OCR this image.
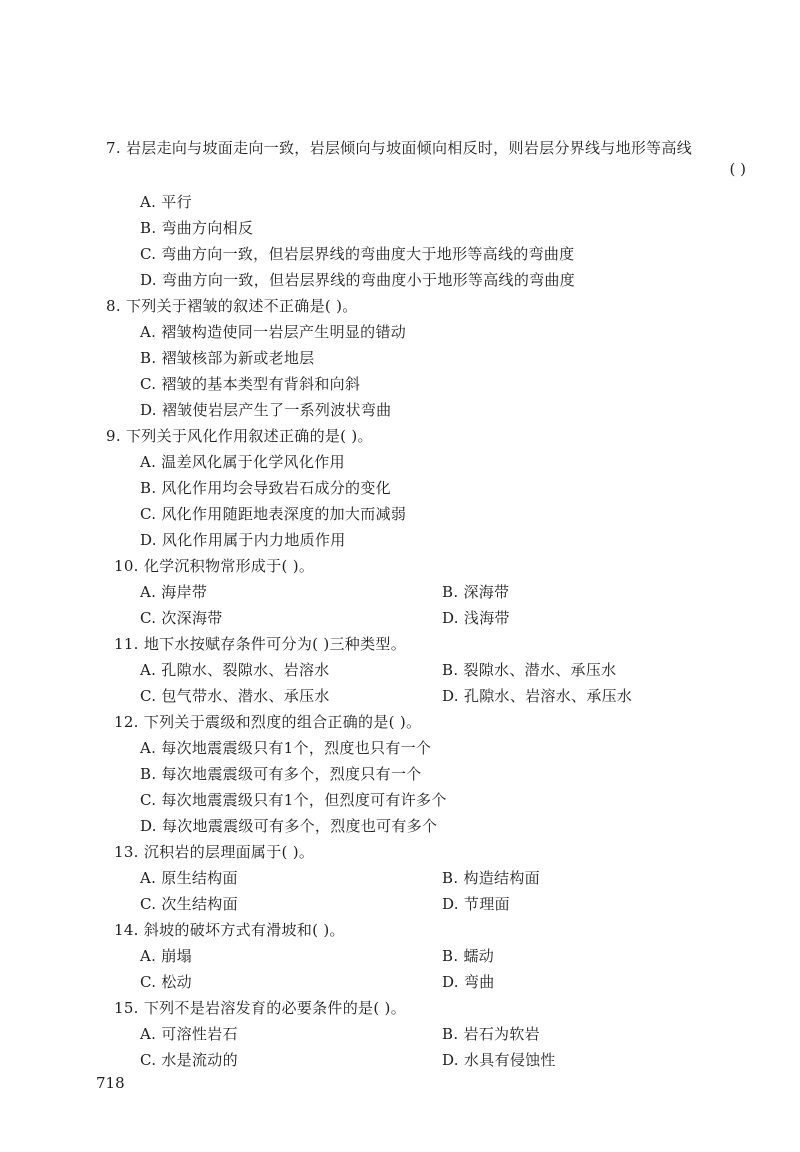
7. 岩层走向与坡面走向一致，岩层倾向与坡面倾向相反时，则岩层分界线与地形等高线
( )
A. 平行
B. 弯曲方向相反
C. 弯曲方向一致，但岩层界线的弯曲度大于地形等高线的弯曲度
D. 弯曲方向一致，但岩层界线的弯曲度小于地形等高线的弯曲度
8. 下列关于褶皱的叙述不正确是( )。
A. 褶皱构造使同一岩层产生明显的错动
B. 褶皱核部为新或老地层
C. 褶皱的基本类型有背斜和向斜
D. 褶皱使岩层产生了一系列波状弯曲
9. 下列关于风化作用叙述正确的是( )。
A. 温差风化属于化学风化作用
B. 风化作用均会导致岩石成分的变化
C. 风化作用随距地表深度的加大而减弱
D. 风化作用属于内力地质作用
10. 化学沉积物常形成于( )。
A. 海岸带	B. 深海带
C. 次深海带	D. 浅海带
11. 地下水按赋存条件可分为( )三种类型。
A. 孔隙水、裂隙水、岩溶水	B. 裂隙水、潜水、承压水
C. 包气带水、潜水、承压水	D. 孔隙水、岩溶水、承压水
12. 下列关于震级和烈度的组合正确的是( )。
A. 每次地震震级只有1个，烈度也只有一个
B. 每次地震震级可有多个，烈度只有一个
C. 每次地震震级只有1个，但烈度可有许多个
D. 每次地震震级可有多个，烈度也可有多个
13. 沉积岩的层理面属于( )。
A. 原生结构面	B. 构造结构面
C. 次生结构面	D. 节理面
14. 斜坡的破坏方式有滑坡和( )。
A. 崩塌	B. 蠕动
C. 松动	D. 弯曲
15. 下列不是岩溶发育的必要条件的是( )。
A. 可溶性岩石	B. 岩石为软岩
C. 水是流动的	D. 水具有侵蚀性
718
